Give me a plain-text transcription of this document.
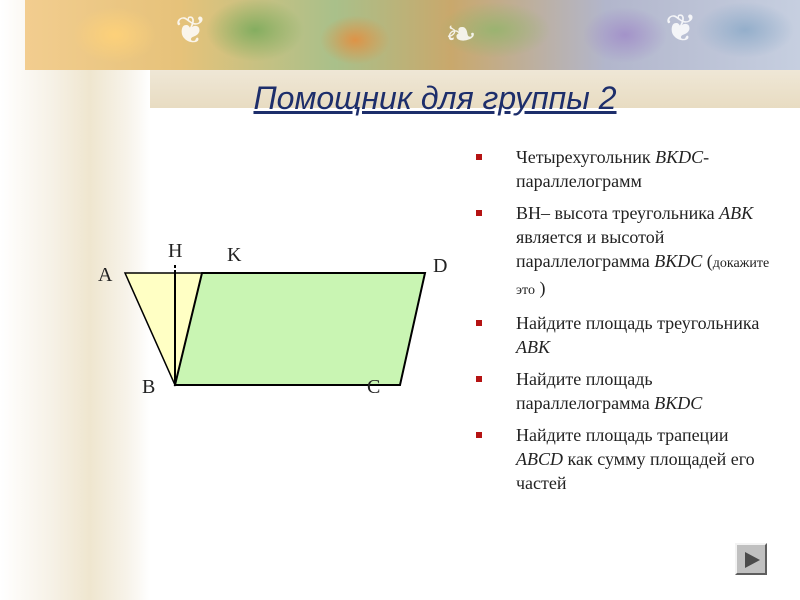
❦	❧	❦
Помощник для группы 2
A
H K	D
B	C
Четырехугольник BKDC-параллелограмм
ВН– высота треугольника ABK является и высотой параллелограмма BKDC (докажите это )
Найдите площадь треугольника ABK
Найдите площадь параллелограмма BKDC
Найдите площадь трапеции ABCD как сумму площадей его частей
